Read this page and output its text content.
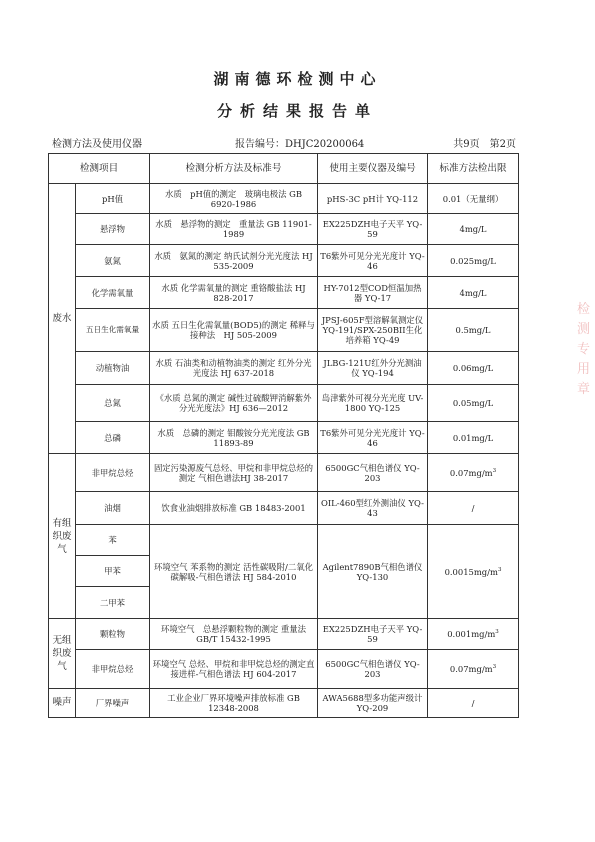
湖南德环检测中心
分析结果报告单
检测方法及使用仪器	报告编号：DHJC20200064	共9页　第2页
检测项目		检测分析方法及标准号	使用主要仪器及编号	标准方法检出限
废水	pH值	水质　pH值的测定　玻璃电极法 GB 6920-1986	pHS-3C pH计 YQ-112	0.01（无量纲）
	悬浮物	水质　悬浮物的测定　重量法 GB 11901-1989	EX225DZH电子天平 YQ-59	4mg/L
	氨氮	水质　氨氮的测定 纳氏试剂分光光度法 HJ 535-2009	T6紫外可见分光光度计 YQ-46	0.025mg/L
	化学需氧量	水质 化学需氧量的测定 重铬酸盐法 HJ 828-2017	HY-7012型COD恒温加热器 YQ-17	4mg/L
	五日生化需氧量	水质 五日生化需氧量(BOD5)的测定 稀释与接种法　HJ 505-2009	JPSJ-605F型溶解氧测定仪 YQ-191/SPX-250BII生化培养箱 YQ-49	0.5mg/L
	动植物油	水质 石油类和动植物油类的测定 红外分光光度法 HJ 637-2018	JLBG-121U红外分光测油仪 YQ-194	0.06mg/L
	总氮	《水质 总氮的测定 碱性过硫酸钾消解紫外分光光度法》HJ 636—2012	岛津紫外可视分光光度 UV-1800 YQ-125	0.05mg/L
	总磷	水质　总磷的测定 钼酸铵分光光度法 GB 11893-89	T6紫外可见分光光度计 YQ-46	0.01mg/L
有组织废气	非甲烷总烃	固定污染源废气总烃、甲烷和非甲烷总烃的测定 气相色谱法HJ 38-2017	6500GC气相色谱仪 YQ-203	$0.07mg/m^3$
	油烟	饮食业油烟排放标准 GB 18483-2001	OIL-460型红外测油仪 YQ-43	/
	苯	环境空气 苯系物的测定 活性碳吸附/二氧化碳解吸-气相色谱法 HJ 584-2010	Agilent7890B气相色谱仪 YQ-130	$0.0015mg/m^3$
	甲苯			
	二甲苯			
无组织废气	颗粒物	环境空气　总悬浮颗粒物的测定 重量法　GB/T 15432-1995	EX225DZH电子天平 YQ-59	$0.001mg/m^3$
	非甲烷总烃	环境空气 总烃、甲烷和非甲烷总烃的测定直接进样-气相色谱法 HJ 604-2017	6500GC气相色谱仪 YQ-203	$0.07mg/m^3$
噪声	厂界噪声	工业企业厂界环境噪声排放标准 GB 12348-2008	AWA5688型多功能声级计 YQ-209	/
检测专用章
